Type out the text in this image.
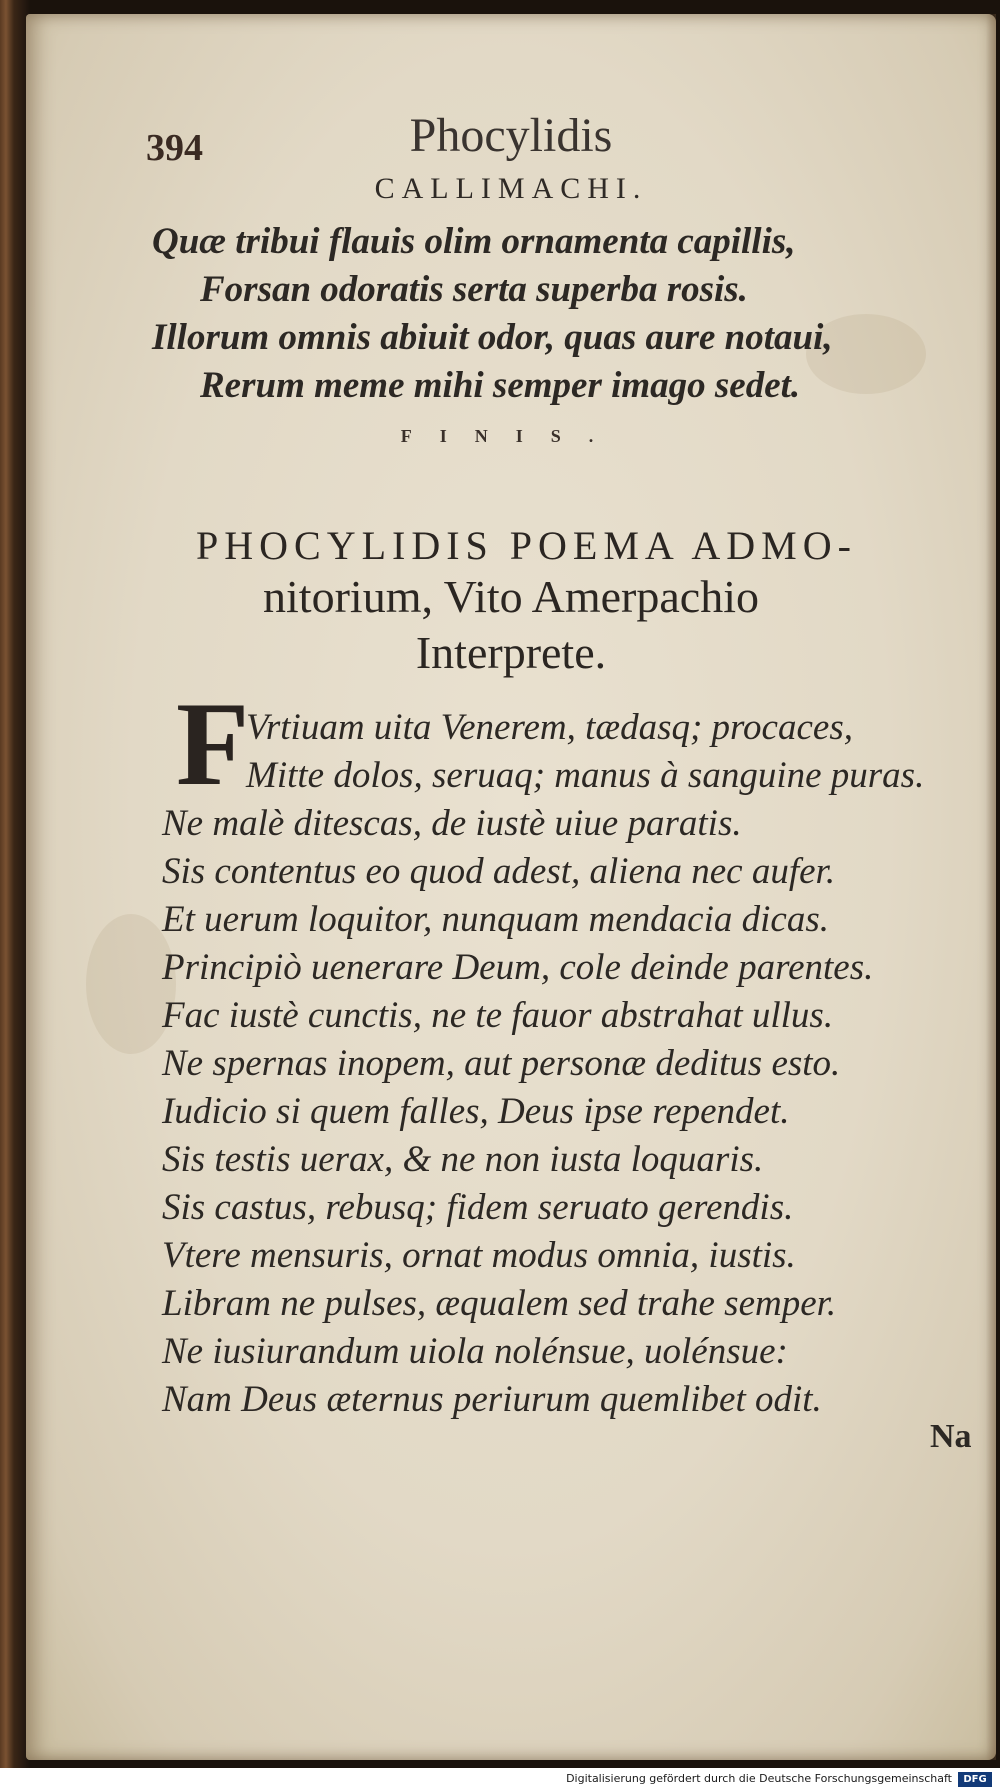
394	Phocylidis
CALLIMACHI.
Quæ tribui flauis olim ornamenta capillis,
Forsan odoratis serta superba rosis.
Illorum omnis abiuit odor, quas aure notaui,
Rerum meme mihi semper imago sedet.
FINIS.
PHOCYLIDIS POEMA ADMO-
nitorium, Vito Amerpachio
Interprete.
F
Vrtiuam uita Venerem, tædasq; procaces,
Mitte dolos, seruaq; manus à sanguine puras.
Ne malè ditescas, de iustè uiue paratis.
Sis contentus eo quod adest, aliena nec aufer.
Et uerum loquitor, nunquam mendacia dicas.
Principiò uenerare Deum, cole deinde parentes.
Fac iustè cunctis, ne te fauor abstrahat ullus.
Ne spernas inopem, aut personæ deditus esto.
Iudicio si quem falles, Deus ipse rependet.
Sis testis uerax, & ne non iusta loquaris.
Sis castus, rebusq; fidem seruato gerendis.
Vtere mensuris, ornat modus omnia, iustis.
Libram ne pulses, æqualem sed trahe semper.
Ne iusiurandum uiola nolénsue, uolénsue:
Nam Deus æternus periurum quemlibet odit.
Na
Digitalisierung gefördert durch die Deutsche Forschungsgemeinschaft	DFG
